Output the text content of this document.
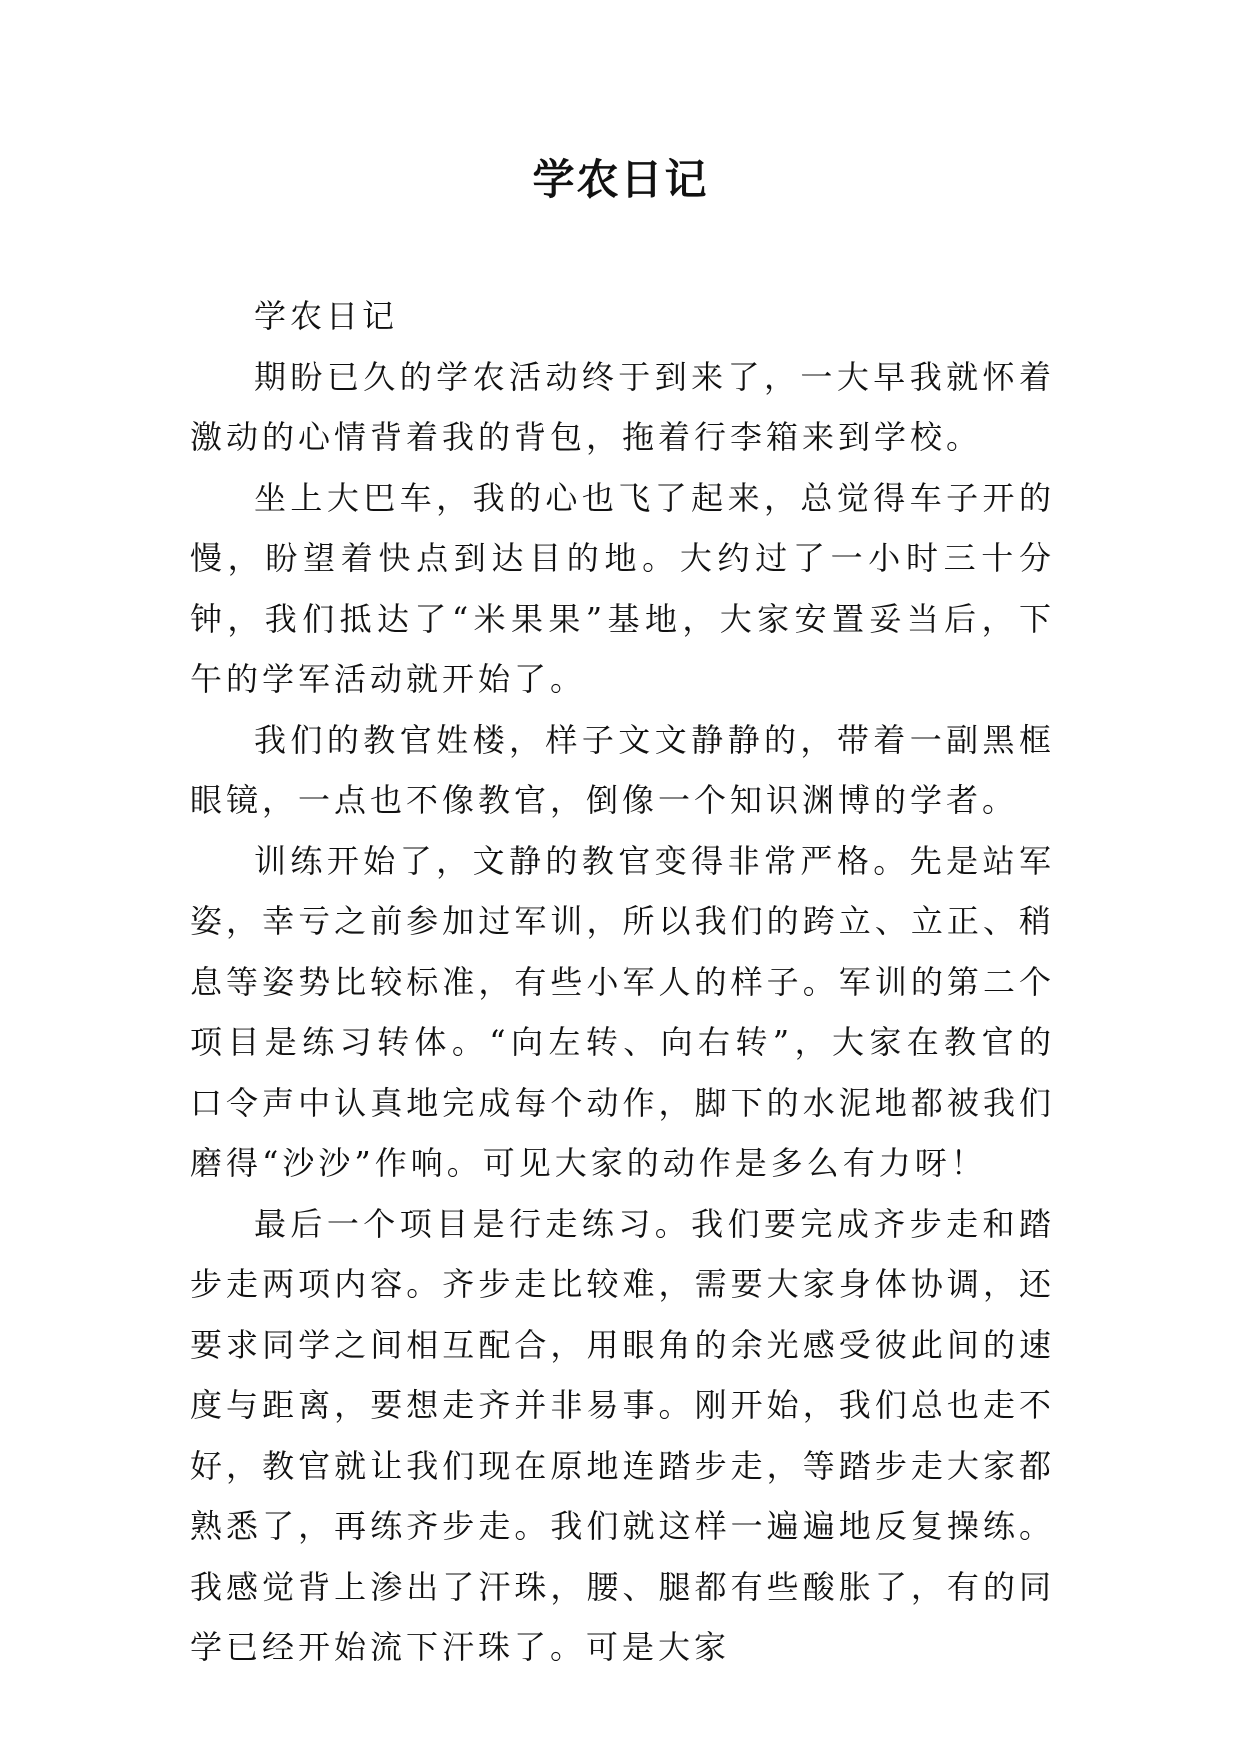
学农日记

学农日记

期盼已久的学农活动终于到来了，一大早我就怀着激动的心情背着我的背包，拖着行李箱来到学校。

坐上大巴车，我的心也飞了起来，总觉得车子开的慢，盼望着快点到达目的地。大约过了一小时三十分钟，我们抵达了“米果果”基地，大家安置妥当后，下午的学军活动就开始了。

我们的教官姓楼，样子文文静静的，带着一副黑框眼镜，一点也不像教官，倒像一个知识渊博的学者。

训练开始了，文静的教官变得非常严格。先是站军姿，幸亏之前参加过军训，所以我们的跨立、立正、稍息等姿势比较标准，有些小军人的样子。军训的第二个项目是练习转体。“向左转、向右转”，大家在教官的口令声中认真地完成每个动作，脚下的水泥地都被我们磨得“沙沙”作响。可见大家的动作是多么有力呀！

最后一个项目是行走练习。我们要完成齐步走和踏步走两项内容。齐步走比较难，需要大家身体协调，还要求同学之间相互配合，用眼角的余光感受彼此间的速度与距离，要想走齐并非易事。刚开始，我们总也走不好，教官就让我们现在原地连踏步走，等踏步走大家都熟悉了，再练齐步走。我们就这样一遍遍地反复操练。我感觉背上渗出了汗珠，腰、腿都有些酸胀了，有的同学已经开始流下汗珠了。可是大家
